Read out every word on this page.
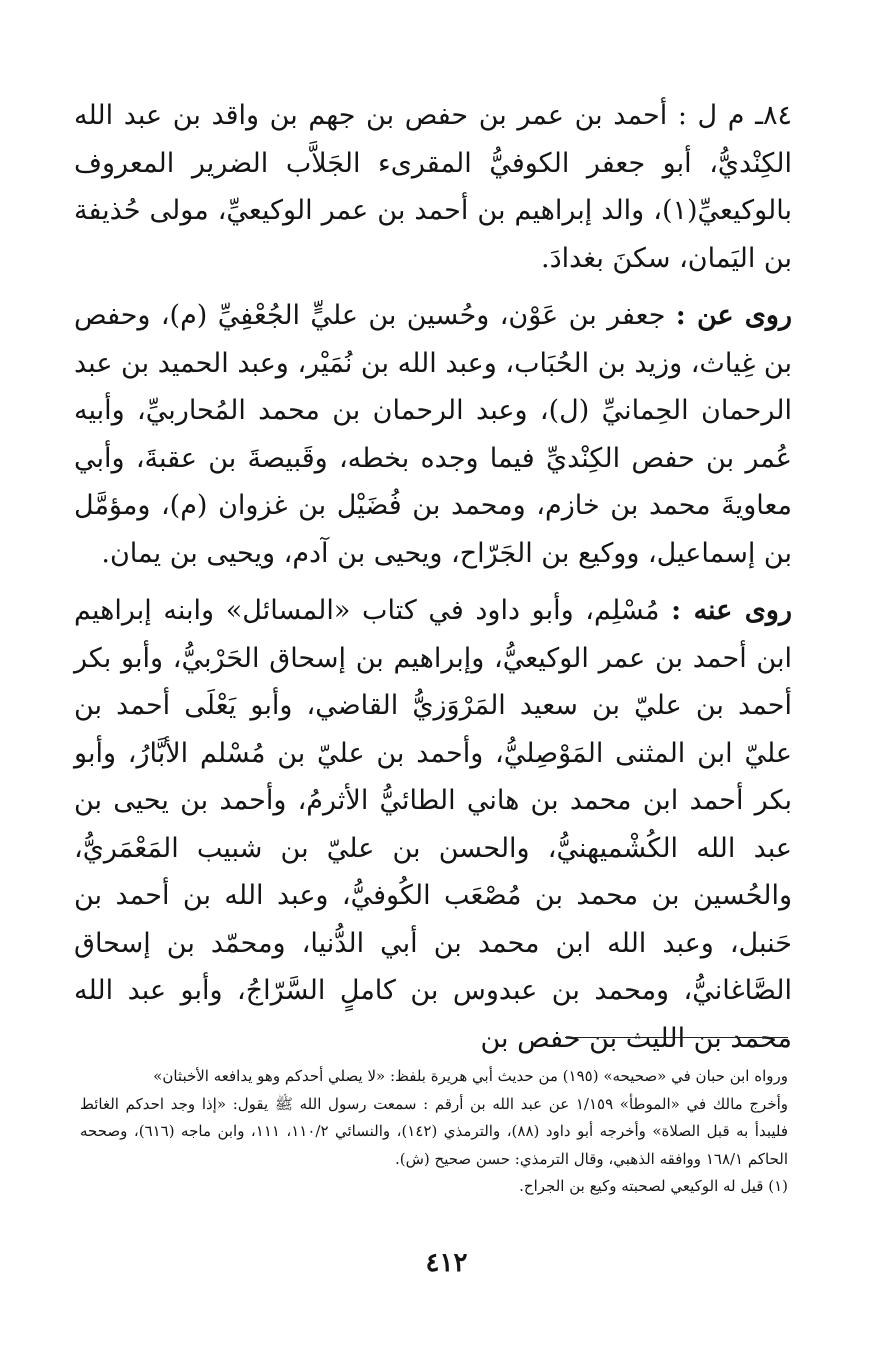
٨٤ـ م ل : أحمد بن عمر بن حفص بن جهم بن واقد بن عبد الله الكِنْديُّ، أبو جعفر الكوفيُّ المقرىء الجَلاَّب الضرير المعروف بالوكيعيِّ(١)، والد إبراهيم بن أحمد بن عمر الوكيعيِّ، مولى حُذيفة بن اليَمان، سكنَ بغدادَ.

روى عن : جعفر بن عَوْن، وحُسين بن عليٍّ الجُعْفِيِّ (م)، وحفص بن غِياث، وزيد بن الحُبَاب، وعبد الله بن نُمَيْر، وعبد الحميد بن عبد الرحمان الحِمانيِّ (ل)، وعبد الرحمان بن محمد المُحاربيِّ، وأبيه عُمر بن حفص الكِنْديِّ فيما وجده بخطه، وقَبيصةَ بن عقبةَ، وأبي معاويةَ محمد بن خازم، ومحمد بن فُضَيْل بن غزوان (م)، ومؤمَّل بن إسماعيل، ووكيع بن الجَرّاح، ويحيى بن آدم، ويحيى بن يمان.

روى عنه : مُسْلِم، وأبو داود في كتاب «المسائل» وابنه إبراهيم ابن أحمد بن عمر الوكيعيُّ، وإبراهيم بن إسحاق الحَرْبيُّ، وأبو بكر أحمد بن عليّ بن سعيد المَرْوَزيُّ القاضي، وأبو يَعْلَى أحمد بن عليّ ابن المثنى المَوْصِليُّ، وأحمد بن عليّ بن مُسْلم الأبَّارُ، وأبو بكر أحمد ابن محمد بن هاني الطائيُّ الأثرمُ، وأحمد بن يحيى بن عبد الله الكُشْميهنيُّ، والحسن بن عليّ بن شبيب المَعْمَريُّ، والحُسين بن محمد بن مُصْعَب الكُوفيُّ، وعبد الله بن أحمد بن حَنبل، وعبد الله ابن محمد بن أبي الدُّنيا، ومحمّد بن إسحاق الصَّاغانيُّ، ومحمد بن عبدوس بن كاملٍ السَّرّاجُ، وأبو عبد الله محمد بن الليث بن حفص بن

ورواه ابن حبان في «صحيحه» (١٩٥) من حديث أبي هريرة بلفظ: «لا يصلي أحدكم وهو يدافعه الأخبثان»

وأخرج مالك في «الموطأ» ١/١٥٩ عن عبد الله بن أرقم : سمعت رسول الله ﷺ يقول: «إذا وجد احدكم الغائط فليبدأ به قبل الصلاة» وأخرجه أبو داود (٨٨)، والترمذي (١٤٢)، والنسائي ١١٠/٢، ١١١، وابن ماجه (٦١٦)، وصححه الحاكم ١٦٨/١ ووافقه الذهبي، وقال الترمذي: حسن صحيح (ش).

(١) قيل له الوكيعي لصحبته وكيع بن الجراح.

٤١٢
